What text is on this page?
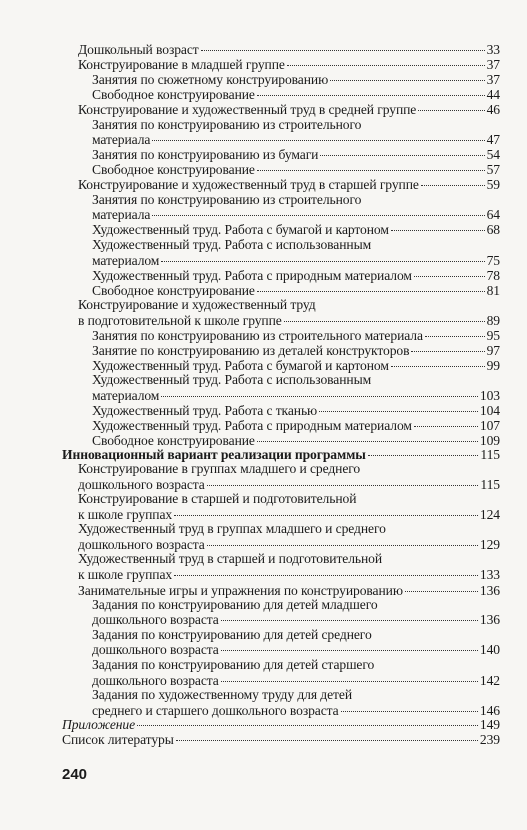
Дошкольный возраст	33
Конструирование в младшей группе	37
Занятия по сюжетному конструированию	37
Свободное конструирование	44
Конструирование и художественный труд в средней группе	46
Занятия по конструированию из строительного
материала	47
Занятия по конструированию из бумаги	54
Свободное конструирование	57
Конструирование и художественный труд в старшей группе	59
Занятия по конструированию из строительного
материала	64
Художественный труд. Работа с бумагой и картоном	68
Художественный труд. Работа с использованным
материалом	75
Художественный труд. Работа с природным материалом	78
Свободное конструирование	81
Конструирование и художественный труд
в подготовительной к школе группе	89
Занятия по конструированию из строительного материала	95
Занятие по конструированию из деталей конструкторов	97
Художественный труд. Работа с бумагой и картоном	99
Художественный труд. Работа с использованным
материалом	103
Художественный труд. Работа с тканью	104
Художественный труд. Работа с природным материалом	107
Свободное конструирование	109
Инновационный вариант реализации программы	115
Конструирование в группах младшего и среднего
дошкольного возраста	115
Конструирование в старшей и подготовительной
к школе группах	124
Художественный труд в группах младшего и среднего
дошкольного возраста	129
Художественный труд в старшей и подготовительной
к школе группах	133
Занимательные игры и упражнения по конструированию	136
Задания по конструированию для детей младшего
дошкольного возраста	136
Задания по конструированию для детей среднего
дошкольного возраста	140
Задания по конструированию для детей старшего
дошкольного возраста	142
Задания по художественному труду для детей
среднего и старшего дошкольного возраста	146
Приложение	149
Список литературы	239
240
